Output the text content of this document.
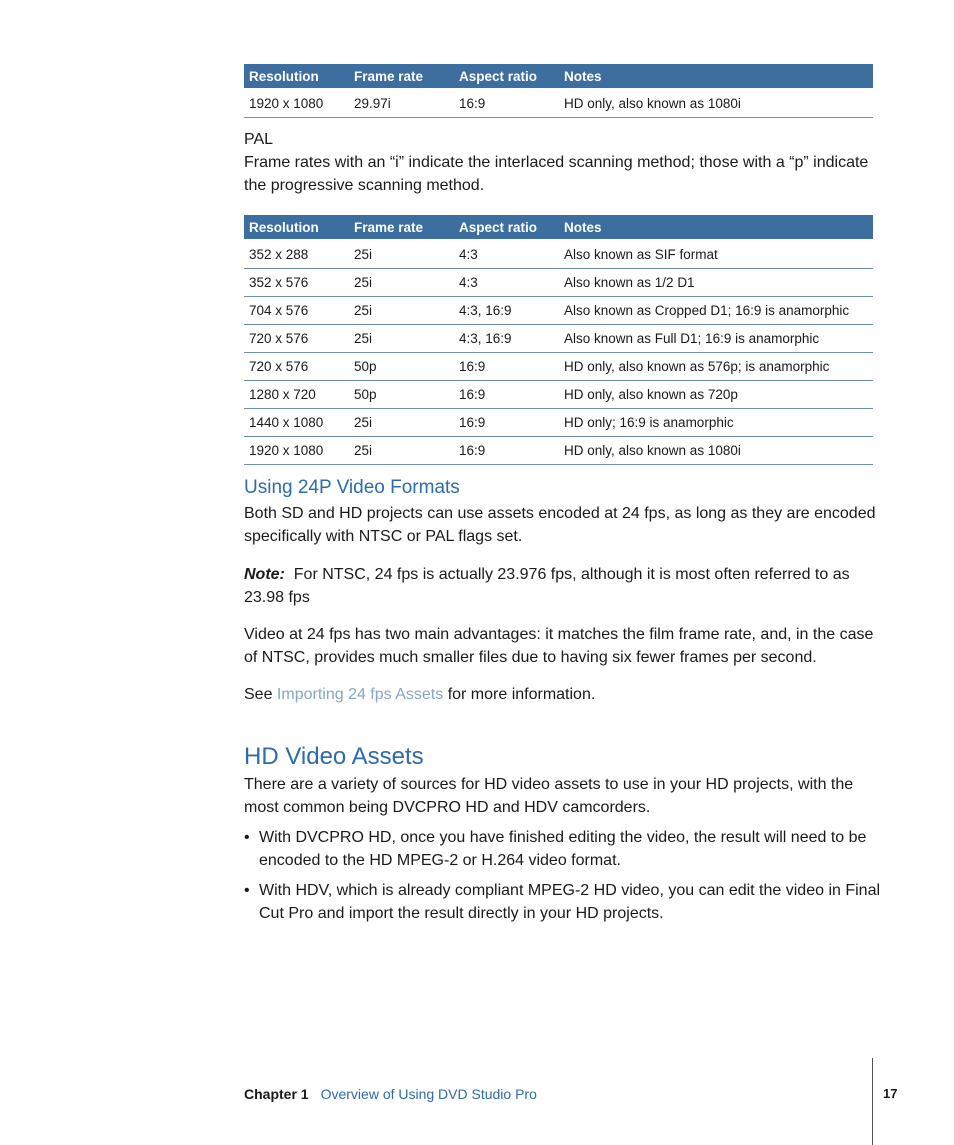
Resolution	Frame rate	Aspect ratio	Notes
1920 x 1080	29.97i	16:9	HD only, also known as 1080i

PAL

Frame rates with an “i” indicate the interlaced scanning method; those with a “p” indicate the progressive scanning method.

Resolution	Frame rate	Aspect ratio	Notes
352 x 288	25i	4:3	Also known as SIF format
352 x 576	25i	4:3	Also known as 1/2 D1
704 x 576	25i	4:3, 16:9	Also known as Cropped D1; 16:9 is anamorphic
720 x 576	25i	4:3, 16:9	Also known as Full D1; 16:9 is anamorphic
720 x 576	50p	16:9	HD only, also known as 576p; is anamorphic
1280 x 720	50p	16:9	HD only, also known as 720p
1440 x 1080	25i	16:9	HD only; 16:9 is anamorphic
1920 x 1080	25i	16:9	HD only, also known as 1080i
Using 24P Video Formats

Both SD and HD projects can use assets encoded at 24 fps, as long as they are encoded specifically with NTSC or PAL flags set.

Note: For NTSC, 24 fps is actually 23.976 fps, although it is most often referred to as 23.98 fps

Video at 24 fps has two main advantages: it matches the film frame rate, and, in the case of NTSC, provides much smaller files due to having six fewer frames per second.

See Importing 24 fps Assets for more information.

HD Video Assets

There are a variety of sources for HD video assets to use in your HD projects, with the most common being DVCPRO HD and HDV camcorders.

• With DVCPRO HD, once you have finished editing the video, the result will need to be encoded to the HD MPEG-2 or H.264 video format.
• With HDV, which is already compliant MPEG-2 HD video, you can edit the video in Final Cut Pro and import the result directly in your HD projects.
Chapter 1 Overview of Using DVD Studio Pro	17
